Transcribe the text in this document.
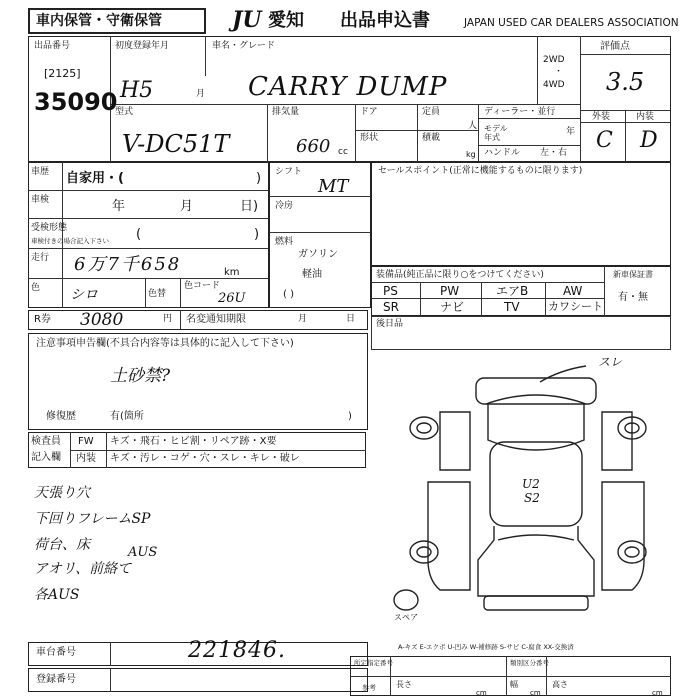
車内保管・守衛保管	JU 愛知 出品申込書	JAPAN USED CAR DEALERS ASSOCIATION
出品番号
[2125]
35090
初度登録年月
H5	月
車名・グレード
CARRY DUMP
2WD
・
4WD
評価点
3.5
外装	内装
C D
型式
V-DC51T
排気量
660 cc
ドア
形状
定員
人
積載
kg
ディーラー・並行
モデル年式
年
ハンドル 左・右
車歴 自家用・(	)
車検	年	月	日)
受検形態
車検付きの場合記入下さい (	)
走行 6万7千658	km
色 シロ	色替
色コード
26U
シフト
MT
冷房
燃料
ガソリン
軽油
( )
セールスポイント(正常に機能するものに限ります)
装備品(純正品に限り○をつけてください)
PS	PW	エアB	AW
SR	ナビ	TV	カワシート
新車保証書
有・無
R券 3080	円 名変通知期限	月	日 後日品
注意事項申告欄(不具合内容等は具体的に記入して下さい)
土砂禁?
修復歴	有(箇所	)
検査員
記入欄
FW キズ・飛石・ヒビ割・リペア跡・X要
内装 キズ・汚レ・コゲ・穴・スレ・キレ・破レ
天張り穴
下回りフレームSP
荷台、床
アオリ、前絡て
各AUS
AUS
スレ
U2
S2
スペア
A-キズ E-エクボ U-凹み W-補修跡 S-サビ C-腐食 XX-交換済
車台番号	221846.
登録番号
所定指定番号	類別区分番号
参考	長さ
cm
幅
cm
高さ
cm
